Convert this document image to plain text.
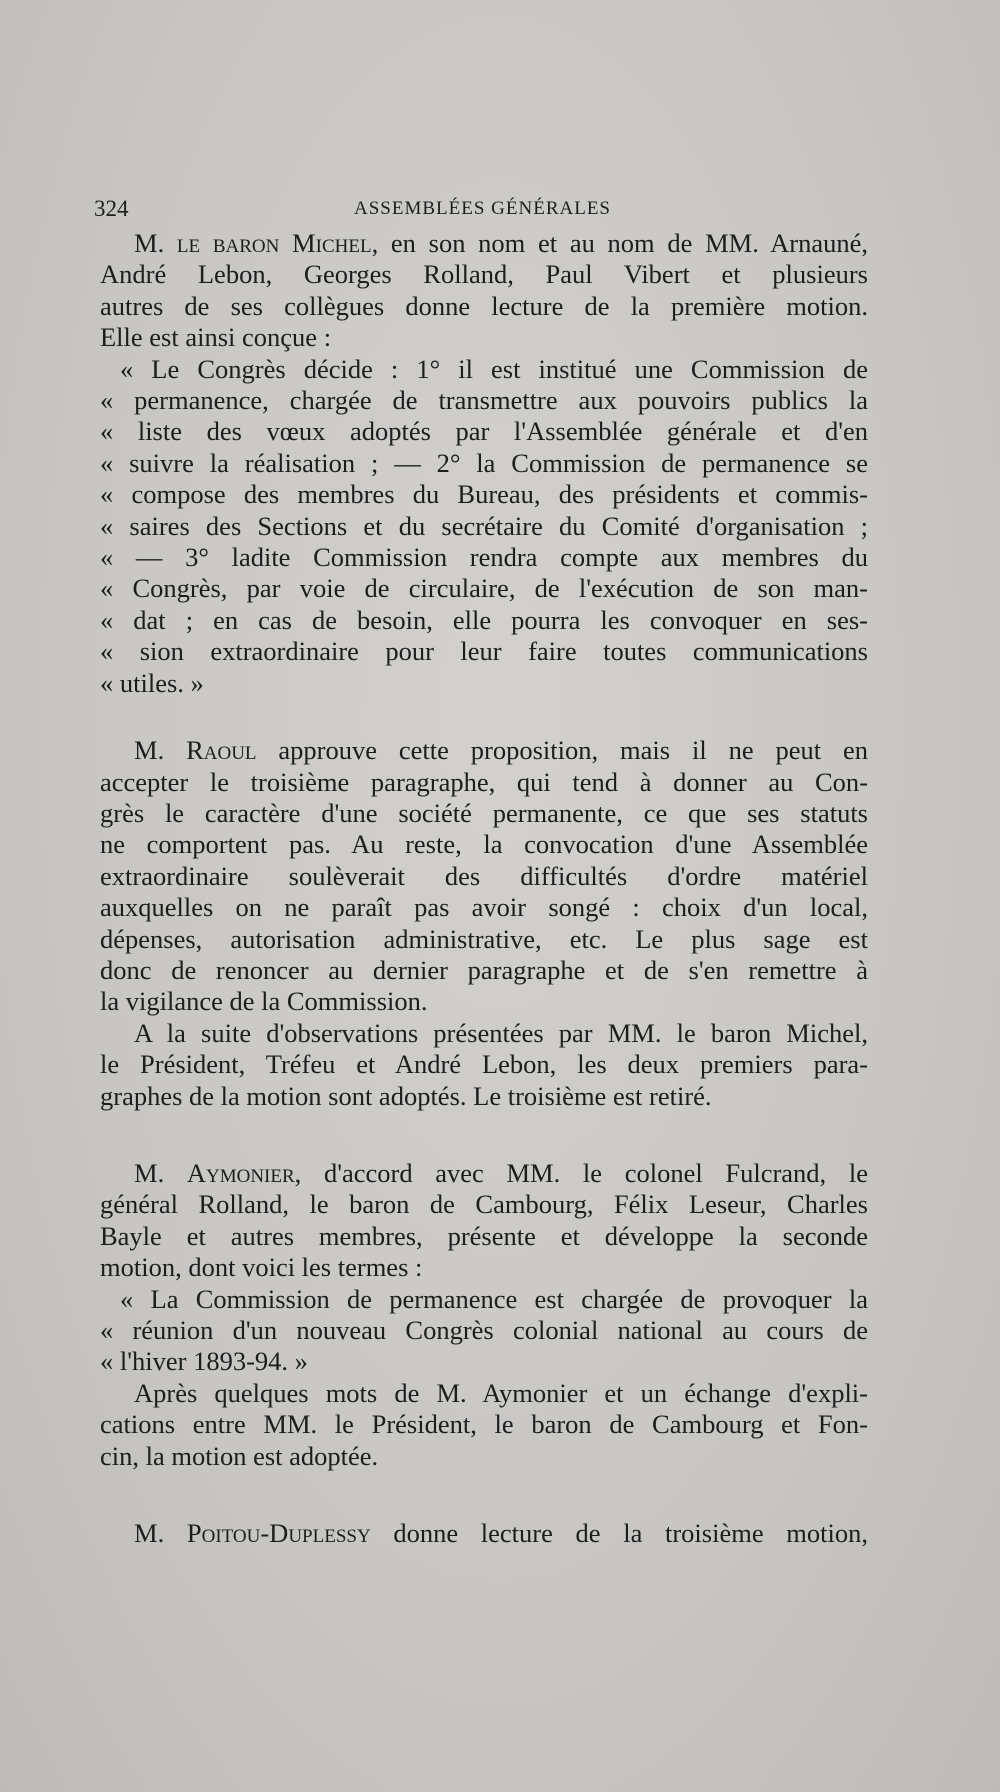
324	ASSEMBLÉES GÉNÉRALES

M. le baron Michel, en son nom et au nom de MM. Arnauné,

André Lebon, Georges Rolland, Paul Vibert et plusieurs

autres de ses collègues donne lecture de la première motion.

Elle est ainsi conçue :

« Le Congrès décide : 1° il est institué une Commission de

« permanence, chargée de transmettre aux pouvoirs publics la

« liste des vœux adoptés par l'Assemblée générale et d'en

« suivre la réalisation ; — 2° la Commission de permanence se

« compose des membres du Bureau, des présidents et commis-

« saires des Sections et du secrétaire du Comité d'organisation ;

« — 3° ladite Commission rendra compte aux membres du

« Congrès, par voie de circulaire, de l'exécution de son man-

« dat ; en cas de besoin, elle pourra les convoquer en ses-

« sion extraordinaire pour leur faire toutes communications

« utiles. »

M. Raoul approuve cette proposition, mais il ne peut en

accepter le troisième paragraphe, qui tend à donner au Con-

grès le caractère d'une société permanente, ce que ses statuts

ne comportent pas. Au reste, la convocation d'une Assemblée

extraordinaire soulèverait des difficultés d'ordre matériel

auxquelles on ne paraît pas avoir songé : choix d'un local,

dépenses, autorisation administrative, etc. Le plus sage est

donc de renoncer au dernier paragraphe et de s'en remettre à

la vigilance de la Commission.

A la suite d'observations présentées par MM. le baron Michel,

le Président, Tréfeu et André Lebon, les deux premiers para-

graphes de la motion sont adoptés. Le troisième est retiré.

M. Aymonier, d'accord avec MM. le colonel Fulcrand, le

général Rolland, le baron de Cambourg, Félix Leseur, Charles

Bayle et autres membres, présente et développe la seconde

motion, dont voici les termes :

« La Commission de permanence est chargée de provoquer la

« réunion d'un nouveau Congrès colonial national au cours de

« l'hiver 1893-94. »

Après quelques mots de M. Aymonier et un échange d'expli-

cations entre MM. le Président, le baron de Cambourg et Fon-

cin, la motion est adoptée.

M. Poitou-Duplessy donne lecture de la troisième motion,
